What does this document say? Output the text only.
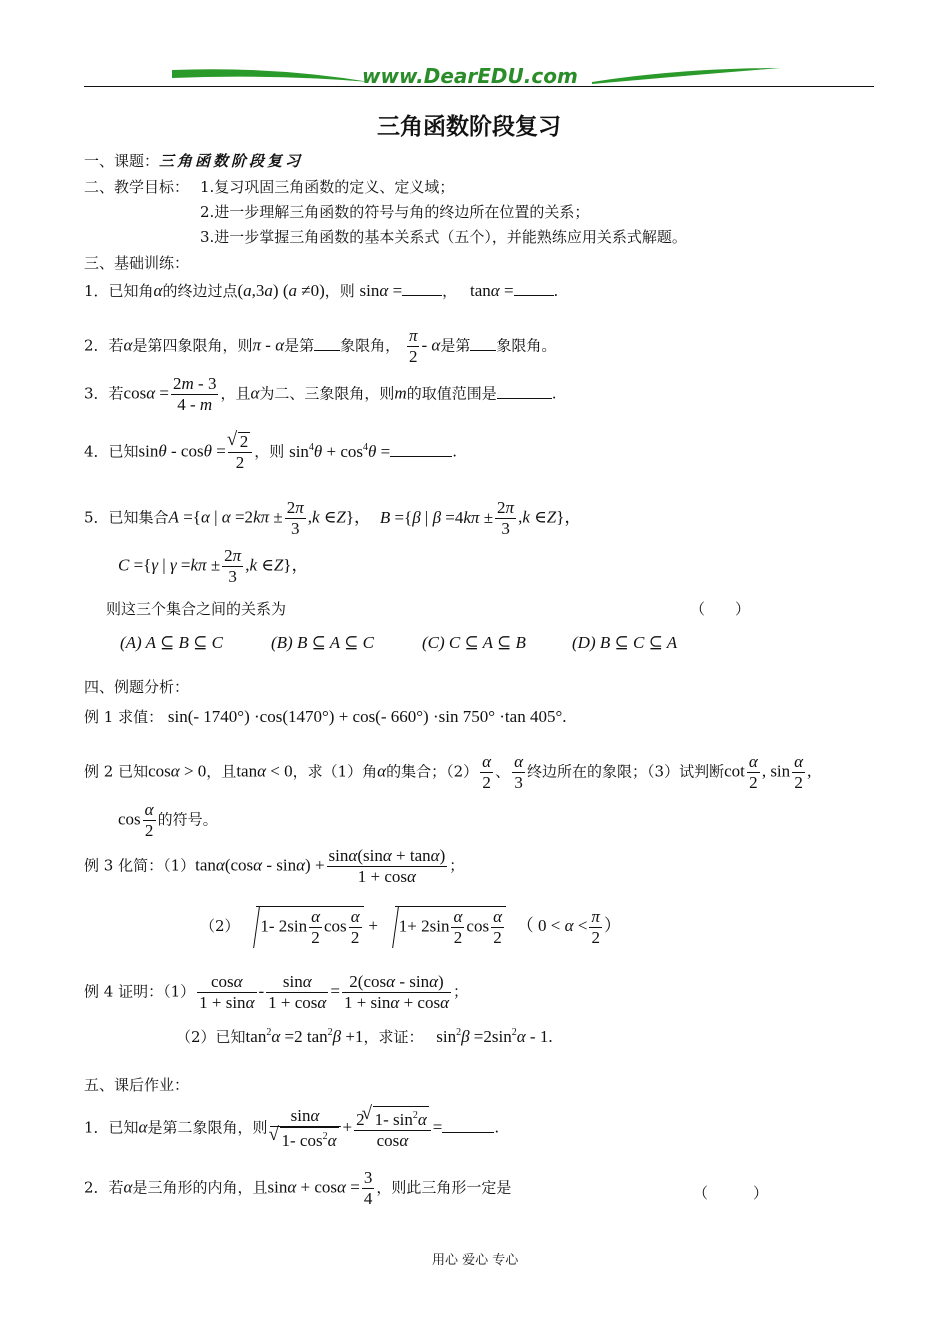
www.DearEDU.com
三角函数阶段复习
一、课题：三角函数阶段复习
二、教学目标： 1.复习巩固三角函数的定义、定义域；
2.进一步理解三角函数的符号与角的终边所在位置的关系；
3.进一步掌握三角函数的基本关系式（五个），并能熟练应用关系式解题。
三、基础训练：
1．已知角α的终边过点(a,3a) (a ≠0)，则 sinα =	， tanα =	.
2．若α是第四象限角，则π - α是第 象限角， $\frac{\pi}{2}$ - α是第 象限角。
3．若$\cos\alpha = \frac{2m - 3}{4 - m}$ ，且α为二、三象限角，则m的取值范围是	.
4．已知sinθ - cosθ = √ $\frac{2}{2}$ ，则 $\sin^4\theta + \cos^4\theta$ =	.
5．已知集合A ={α | $\alpha =2k\pi \pm \frac{2\pi}{3} ,k$ ∈Z}， B ={β | $\beta =4k\pi \pm \frac{2\pi}{3} ,k$ ∈Z}，
C ={γ | $\gamma =k\pi \pm \frac{2\pi}{3} ,k$ ∈Z}，
则这三个集合之间的关系为	（　　）
(A) A ⊆ B ⊆ C	(B) B ⊆ A ⊆ C	(C) C ⊆ A ⊆ B	(D) B ⊆ C ⊆ A
四、例题分析：
例 1 求值： sin(- 1740°) ·cos(1470°) + cos(- 660°) ·sin 750° ·tan 405°.
例 2 已知cosα > 0，且tanα < 0，求（1）角α的集合；$(2) \frac{\alpha}{2}$ 、 $\frac{\alpha}{3}$ 终边所在的象限；（3）试判断$\cot \frac{\alpha}{2}$ , $\sin \frac{\alpha}{2}$ ,
$\cos \frac{\alpha}{2}$ 的符号。
例 3 化简：$(1)\tan\alpha(\cos\alpha - \sin\alpha) + \frac{\sin\alpha(\sin\alpha + \tan\alpha)}{1 + \cos\alpha}$ ；
（2） 1- $2\sin \frac{\alpha}{2}$ $\cos \frac{\alpha}{2} + 1+ 2\sin \frac{\alpha}{2}$ $\cos \frac{\alpha}{2}$ （ $0 < \alpha < \frac{\pi}{2}$ ）
例 4 证明：$(1) \frac{\cos\alpha}{1 + \sin\alpha} - \frac{\sin\alpha}{1 + \cos\alpha} = \frac{2(\cos\alpha - \sin\alpha)}{1 + \sin\alpha + \cos\alpha}$ ；
（2）已知$\tan^2\alpha =2$ $\tan^2\beta +1$，求证： $\sin^2\beta =2\sin^2\alpha - 1$.
五、课后作业：
1．已知α是第二象限角，则 sinα
√ 1- $\cos^2\alpha + \frac{2 √ 1- \sin^2\alpha}{\cos\alpha}$ =	.
2．若α是三角形的内角，且$\sin\alpha + \cos\alpha = \frac{3}{4}$ ，则此三角形一定是	（　　　）
用心 爱心 专心
